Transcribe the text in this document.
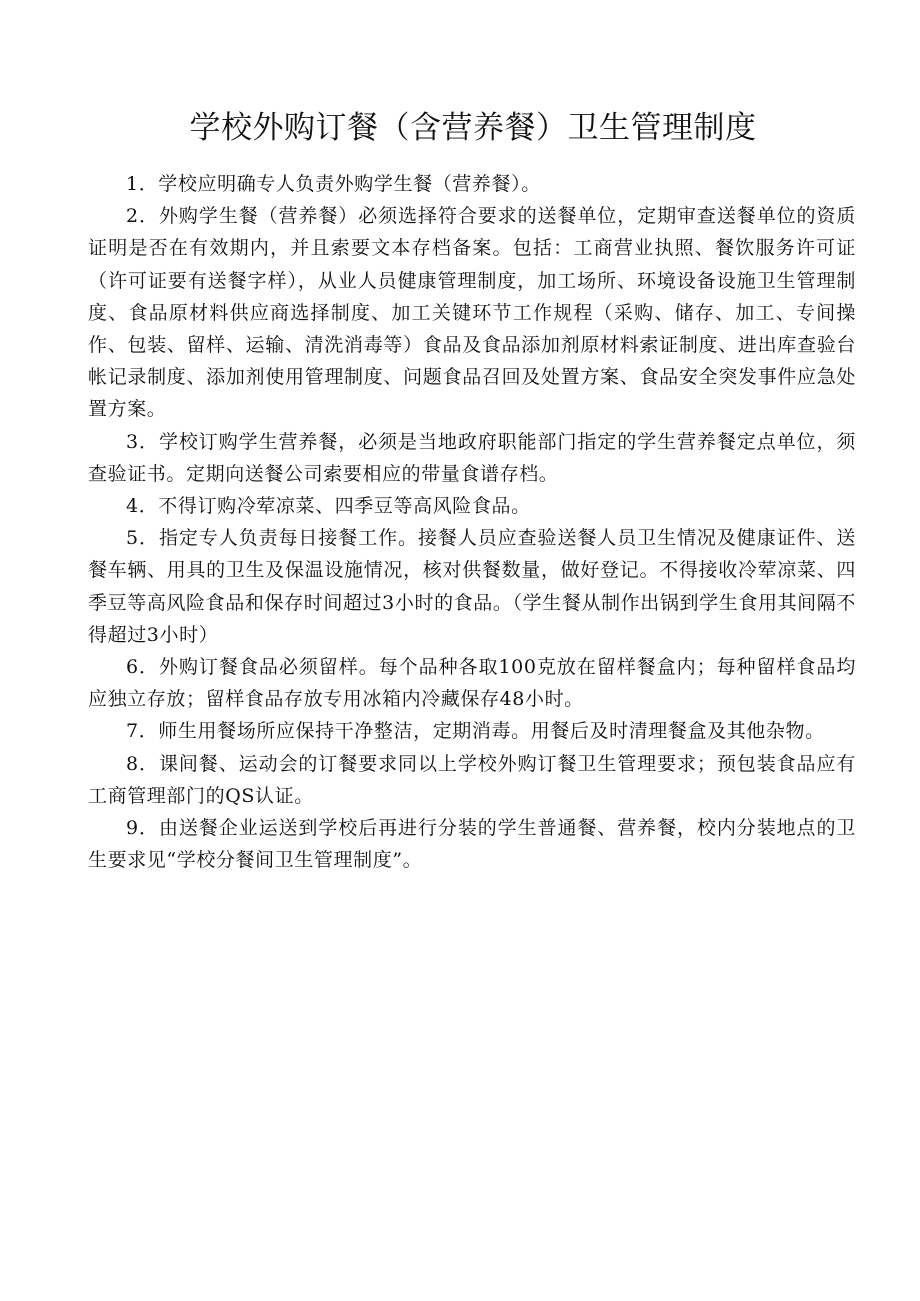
学校外购订餐（含营养餐）卫生管理制度

1．学校应明确专人负责外购学生餐（营养餐）。

2．外购学生餐（营养餐）必须选择符合要求的送餐单位，定期审查送餐单位的资质证明是否在有效期内，并且索要文本存档备案。包括：工商营业执照、餐饮服务许可证（许可证要有送餐字样），从业人员健康管理制度，加工场所、环境设备设施卫生管理制度、食品原材料供应商选择制度、加工关键环节工作规程（采购、储存、加工、专间操作、包装、留样、运输、清洗消毒等）食品及食品添加剂原材料索证制度、进出库查验台帐记录制度、添加剂使用管理制度、问题食品召回及处置方案、食品安全突发事件应急处置方案。

3．学校订购学生营养餐，必须是当地政府职能部门指定的学生营养餐定点单位，须查验证书。定期向送餐公司索要相应的带量食谱存档。

4．不得订购冷荤凉菜、四季豆等高风险食品。

5．指定专人负责每日接餐工作。接餐人员应查验送餐人员卫生情况及健康证件、送餐车辆、用具的卫生及保温设施情况，核对供餐数量，做好登记。不得接收冷荤凉菜、四季豆等高风险食品和保存时间超过3小时的食品。（学生餐从制作出锅到学生食用其间隔不得超过3小时）

6．外购订餐食品必须留样。每个品种各取100克放在留样餐盒内；每种留样食品均应独立存放；留样食品存放专用冰箱内冷藏保存48小时。

7．师生用餐场所应保持干净整洁，定期消毒。用餐后及时清理餐盒及其他杂物。

8．课间餐、运动会的订餐要求同以上学校外购订餐卫生管理要求；预包装食品应有工商管理部门的QS认证。

9．由送餐企业运送到学校后再进行分装的学生普通餐、营养餐，校内分装地点的卫生要求见“学校分餐间卫生管理制度”。
